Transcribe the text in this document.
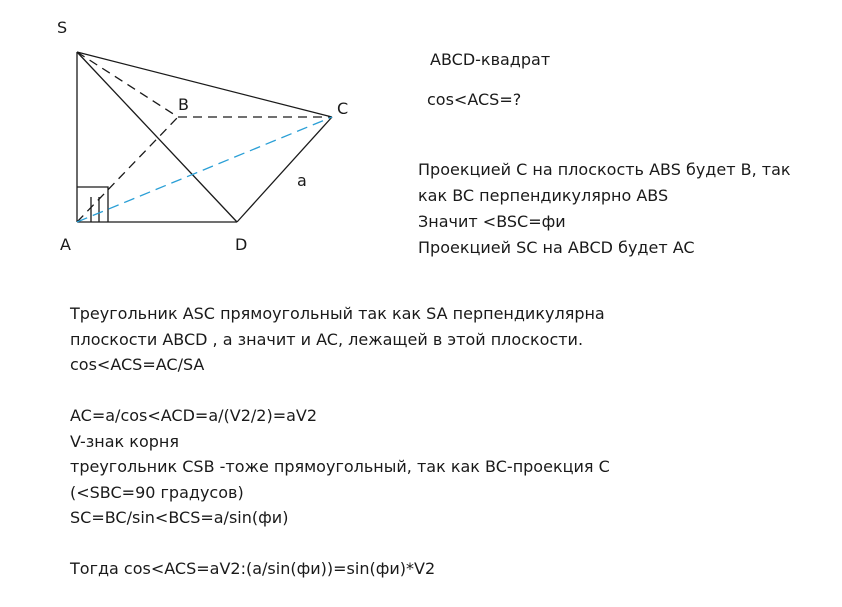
S
B	C
A	D
a
ABCD-квадрат
cos<ACS=?
Проекцией C на плоскость ABS будет B, так
как BC перпендикулярно ABS
Значит <BSC=фи
Проекцией SC на ABCD будет AC
Треугольник ASC прямоугольный так как SA перпендикулярна
плоскости ABCD , а значит и AC, лежащей в этой плоскости.
cos<ACS=AC/SA
AC=a/cos<ACD=a/(V2/2)=aV2
V-знак корня
треугольник CSB -тоже прямоугольный, так как BC-проекция C
(<SBC=90 градусов)
SC=BC/sin<BCS=a/sin(фи)
Тогда cos<ACS=aV2:(a/sin(фи))=sin(фи)*V2
